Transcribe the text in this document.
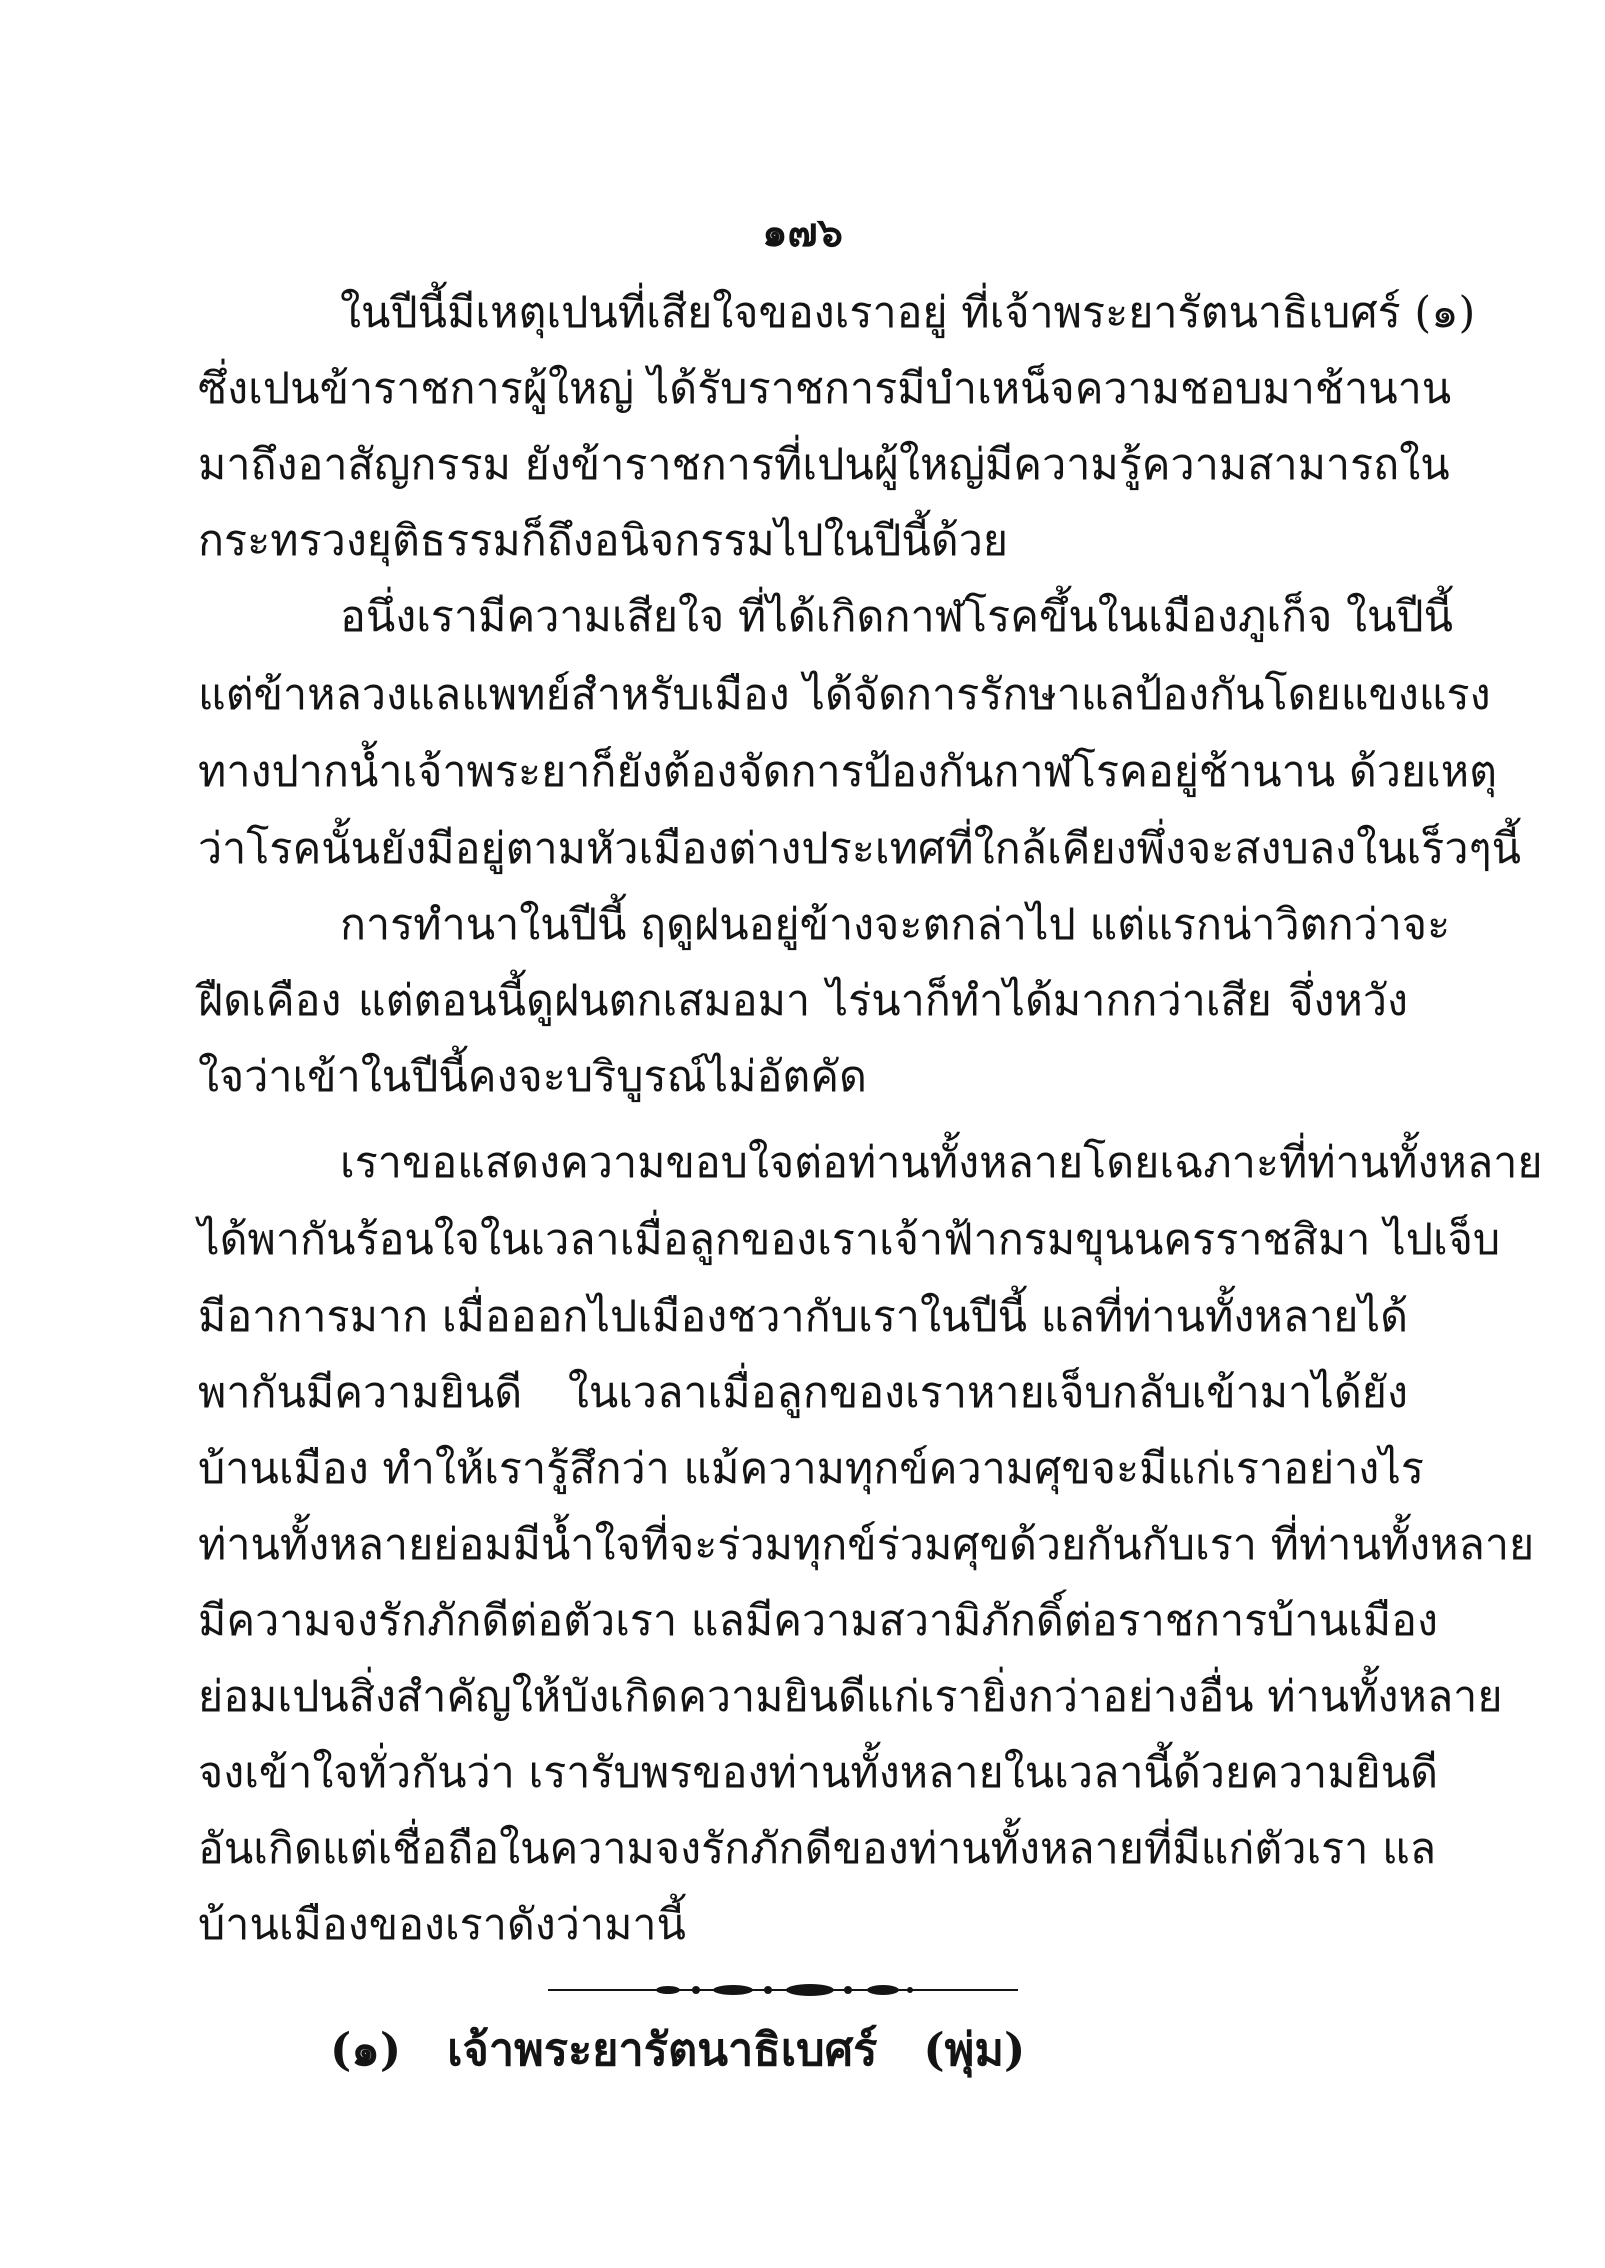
๑๗๖
ในปีนี้มีเหตุเปนที่เสียใจของเราอยู่ ที่เจ้าพระยารัตนาธิเบศร์ (๑)
ซึ่งเปนข้าราชการผู้ใหญ่ ได้รับราชการมีบำเหน็จความชอบมาช้านาน
มาถึงอาสัญกรรม ยังข้าราชการที่เปนผู้ใหญ่มีความรู้ความสามารถใน
กระทรวงยุติธรรมก็ถึงอนิจกรรมไปในปีนี้ด้วย
อนึ่งเรามีความเสียใจ ที่ได้เกิดกาฬโรคขึ้นในเมืองภูเก็จ ในปีนี้
แต่ข้าหลวงแลแพทย์สำหรับเมือง ได้จัดการรักษาแลป้องกันโดยแขงแรง
ทางปากน้ำเจ้าพระยาก็ยังต้องจัดการป้องกันกาฬโรคอยู่ช้านาน ด้วยเหตุ
ว่าโรคนั้นยังมีอยู่ตามหัวเมืองต่างประเทศที่ใกล้เคียงพึ่งจะสงบลงในเร็วๆนี้
การทำนาในปีนี้ ฤดูฝนอยู่ข้างจะตกล่าไป แต่แรกน่าวิตกว่าจะ
ฝืดเคือง แต่ตอนนี้ดูฝนตกเสมอมา ไร่นาก็ทำได้มากกว่าเสีย จึ่งหวัง
ใจว่าเข้าในปีนี้คงจะบริบูรณ์ไม่อัตคัด
เราขอแสดงความขอบใจต่อท่านทั้งหลายโดยเฉภาะที่ท่านทั้งหลาย
ได้พากันร้อนใจในเวลาเมื่อลูกของเราเจ้าฟ้ากรมขุนนครราชสิมา ไปเจ็บ
มีอาการมาก เมื่อออกไปเมืองชวากับเราในปีนี้ แลที่ท่านทั้งหลายได้
พากันมีความยินดี ในเวลาเมื่อลูกของเราหายเจ็บกลับเข้ามาได้ยัง
บ้านเมือง ทำให้เรารู้สึกว่า แม้ความทุกข์ความศุขจะมีแก่เราอย่างไร
ท่านทั้งหลายย่อมมีน้ำใจที่จะร่วมทุกข์ร่วมศุขด้วยกันกับเรา ที่ท่านทั้งหลาย
มีความจงรักภักดีต่อตัวเรา แลมีความสวามิภักดิ์ต่อราชการบ้านเมือง
ย่อมเปนสิ่งสำคัญให้บังเกิดความยินดีแก่เรายิ่งกว่าอย่างอื่น ท่านทั้งหลาย
จงเข้าใจทั่วกันว่า เรารับพรของท่านทั้งหลายในเวลานี้ด้วยความยินดี
อันเกิดแต่เชื่อถือในความจงรักภักดีของท่านทั้งหลายที่มีแก่ตัวเรา แล
บ้านเมืองของเราดังว่ามานี้
(๑) เจ้าพระยารัตนาธิเบศร์ (พุ่ม)
